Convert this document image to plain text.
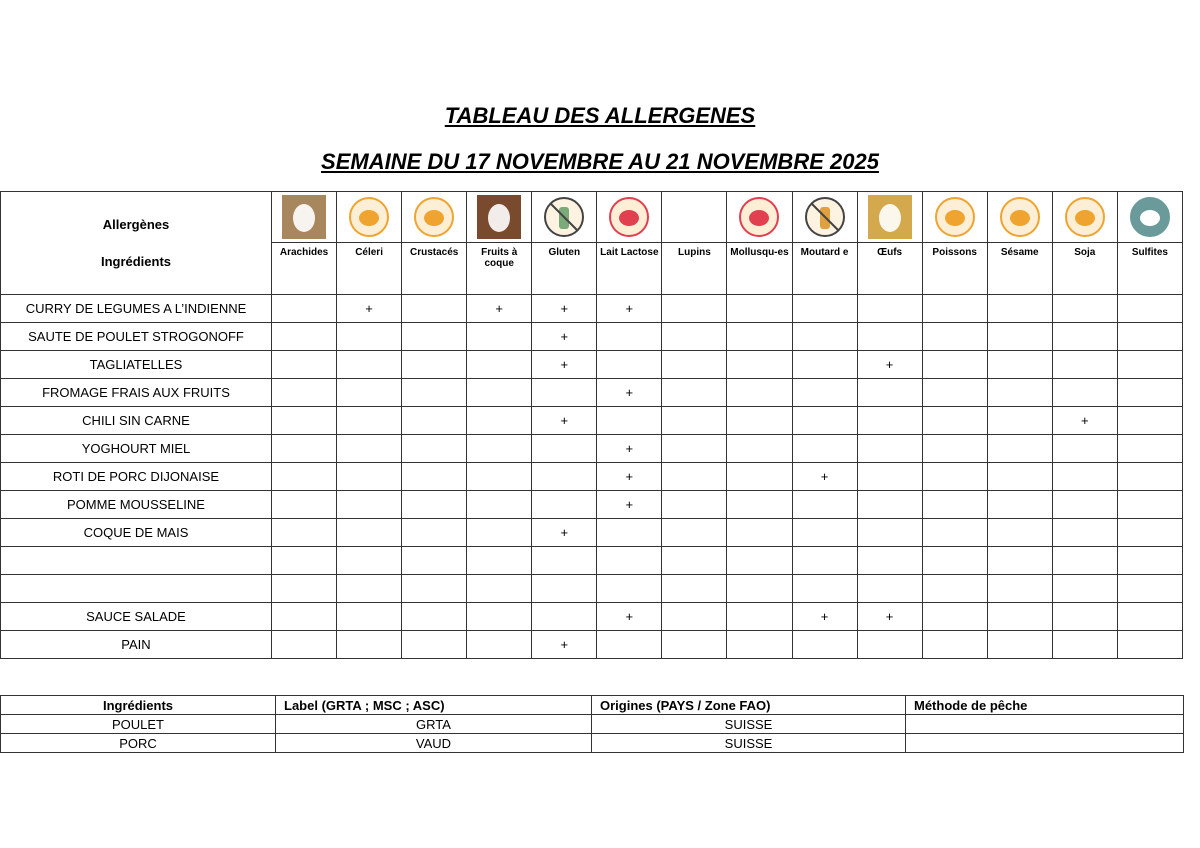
TABLEAU DES ALLERGENES
SEMAINE DU 17 NOVEMBRE AU 21 NOVEMBRE 2025
Allergènes
Ingrédients	Arachides	Céleri	Crustacés	Fruits à coque	Gluten	Lait Lactose	Lupins	Mollusqu-es	Moutard e	Œufs	Poissons	Sésame	Soja	Sulfites

CURRY DE LEGUMES A L’INDIENNE		+		+	+	+								
SAUTE DE POULET STROGONOFF					+									
TAGLIATELLES					+					+				
FROMAGE FRAIS AUX FRUITS						+								
CHILI SIN CARNE					+								+	
YOGHOURT MIEL						+								
ROTI DE PORC DIJONAISE						+			+					
POMME MOUSSELINE						+								
COQUE DE MAIS					+									

SAUCE SALADE						+			+	+				
PAIN					+									
Ingrédients	Label (GRTA ; MSC ; ASC)	Origines (PAYS / Zone FAO)	Méthode de pêche
POULET	GRTA	SUISSE	
PORC	VAUD	SUISSE	
